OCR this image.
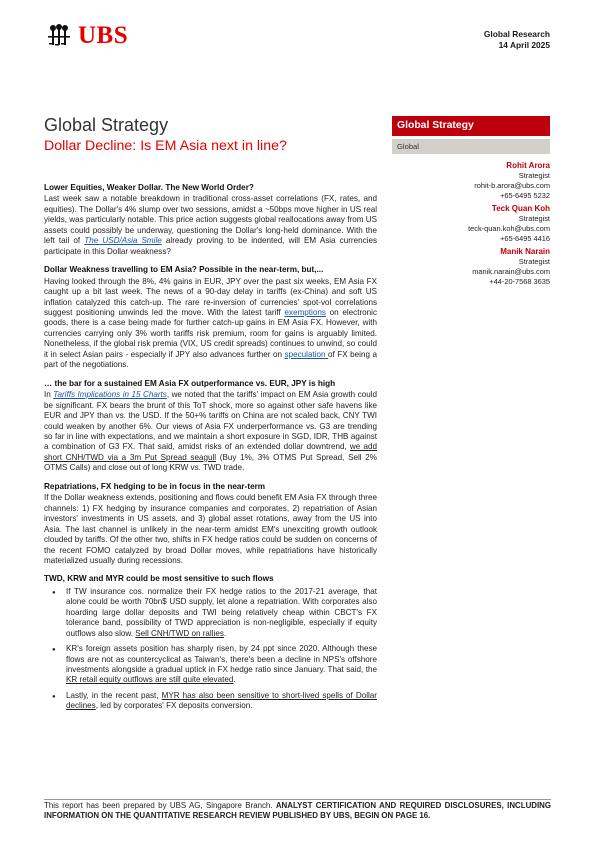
UBS	Global Research
14 April 2025
Global Strategy
Dollar Decline: Is EM Asia next in line?
Global Strategy
Global
Rohit Arora
Strategist
rohit-b.arora@ubs.com
+65-6495 5232
Teck Quan Koh
Strategist
teck-quan.koh@ubs.com
+65-6495 4416
Manik Narain
Strategist
manik.narain@ubs.com
+44-20-7568 3635
Lower Equities, Weaker Dollar. The New World Order?

Last week saw a notable breakdown in traditional cross-asset correlations (FX, rates, and equities). The Dollar's 4% slump over two sessions, amidst a ~50bps move higher in US real yields, was particularly notable. This price action suggests global reallocations away from US assets could possibly be underway, questioning the Dollar's long-held dominance. With the left tail of The USD/Asia Smile already proving to be indented, will EM Asia currencies participate in this Dollar weakness?

Dollar Weakness travelling to EM Asia? Possible in the near-term, but,...

Having looked through the 8%, 4% gains in EUR, JPY over the past six weeks, EM Asia FX caught up a bit last week. The news of a 90-day delay in tariffs (ex-China) and soft US inflation catalyzed this catch-up. The rare re-inversion of currencies' spot-vol correlations suggest positioning unwinds led the move. With the latest tariff exemptions on electronic goods, there is a case being made for further catch-up gains in EM Asia FX. However, with currencies carrying only 3% worth tariffs risk premium, room for gains is arguably limited. Nonetheless, if the global risk premia (VIX, US credit spreads) continues to unwind, so could it in select Asian pairs - especially if JPY also advances further on speculation of FX being a part of the negotiations.

… the bar for a sustained EM Asia FX outperformance vs. EUR, JPY is high

In Tariffs Implications in 15 Charts, we noted that the tariffs' impact on EM Asia growth could be significant. FX bears the brunt of this ToT shock, more so against other safe havens like EUR and JPY than vs. the USD. If the 50+% tariffs on China are not scaled back, CNY TWI could weaken by another 6%. Our views of Asia FX underperformance vs. G3 are trending so far in line with expectations, and we maintain a short exposure in SGD, IDR, THB against a combination of G3 FX. That said, amidst risks of an extended dollar downtrend, we add short CNH/TWD via a 3m Put Spread seagull (Buy 1%, 3% OTMS Put Spread, Sell 2% OTMS Calls) and close out of long KRW vs. TWD trade.

Repatriations, FX hedging to be in focus in the near-term

If the Dollar weakness extends, positioning and flows could benefit EM Asia FX through three channels: 1) FX hedging by insurance companies and corporates, 2) repatriation of Asian investors' investments in US assets, and 3) global asset rotations, away from the US into Asia. The last channel is unlikely in the near-term amidst EM's unexciting growth outlook clouded by tariffs. Of the other two, shifts in FX hedge ratios could be sudden on concerns of the recent FOMO catalyzed by broad Dollar moves, while repatriations have historically materialized usually during recessions.

TWD, KRW and MYR could be most sensitive to such flows
● If TW insurance cos. normalize their FX hedge ratios to the 2017-21 average, that alone could be worth 70bn$ USD supply, let alone a repatriation. With corporates also hoarding large dollar deposits and TWI being relatively cheap within CBCT's FX tolerance band, possibility of TWD appreciation is non-negligible, especially if equity outflows also slow. Sell CNH/TWD on rallies.
● KR's foreign assets position has sharply risen, by 24 ppt since 2020. Although these flows are not as countercyclical as Taiwan's, there's been a decline in NPS's offshore investments alongside a gradual uptick in FX hedge ratio since January. That said, the KR retail equity outflows are still quite elevated.
● Lastly, in the recent past, MYR has also been sensitive to short-lived spells of Dollar declines, led by corporates' FX deposits conversion.
This report has been prepared by UBS AG, Singapore Branch. ANALYST CERTIFICATION AND REQUIRED DISCLOSURES, INCLUDING INFORMATION ON THE QUANTITATIVE RESEARCH REVIEW PUBLISHED BY UBS, BEGIN ON PAGE 16.
